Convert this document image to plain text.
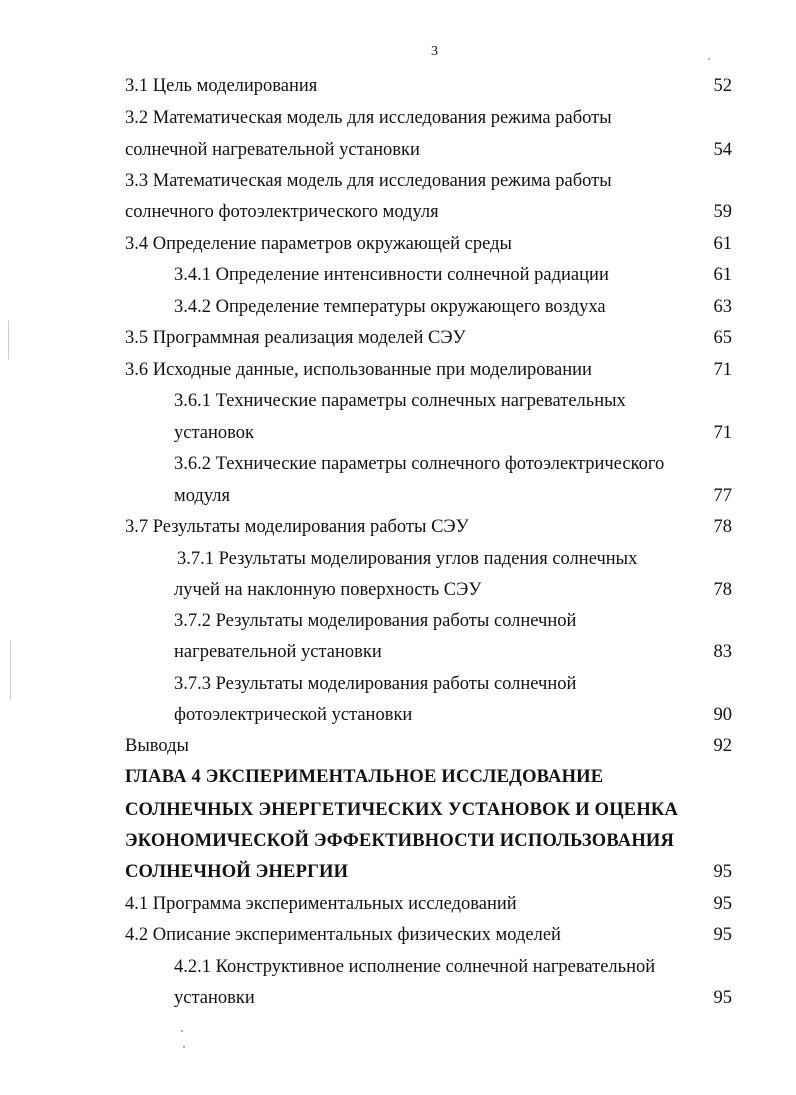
3
3.1 Цель моделирования	52
3.2 Математическая модель для исследования режима работы
солнечной нагревательной установки	54
3.3 Математическая модель для исследования режима работы
солнечного фотоэлектрического модуля	59
3.4 Определение параметров окружающей среды	61
3.4.1 Определение интенсивности солнечной радиации	61
3.4.2 Определение температуры окружающего воздуха	63
3.5 Программная реализация моделей СЭУ	65
3.6 Исходные данные, использованные при моделировании	71
3.6.1 Технические параметры солнечных нагревательных
установок	71
3.6.2 Технические параметры солнечного фотоэлектрического
модуля	77
3.7 Результаты моделирования работы СЭУ	78
3.7.1 Результаты моделирования углов падения солнечных
лучей на наклонную поверхность СЭУ	78
3.7.2 Результаты моделирования работы солнечной
нагревательной установки	83
3.7.3 Результаты моделирования работы солнечной
фотоэлектрической установки	90
Выводы	92
ГЛАВА 4 ЭКСПЕРИМЕНТАЛЬНОЕ ИССЛЕДОВАНИЕ
СОЛНЕЧНЫХ ЭНЕРГЕТИЧЕСКИХ УСТАНОВОК И ОЦЕНКА
ЭКОНОМИЧЕСКОЙ ЭФФЕКТИВНОСТИ ИСПОЛЬЗОВАНИЯ
СОЛНЕЧНОЙ ЭНЕРГИИ	95
4.1 Программа экспериментальных исследований	95
4.2 Описание экспериментальных физических моделей	95
4.2.1 Конструктивное исполнение солнечной нагревательной
установки	95
